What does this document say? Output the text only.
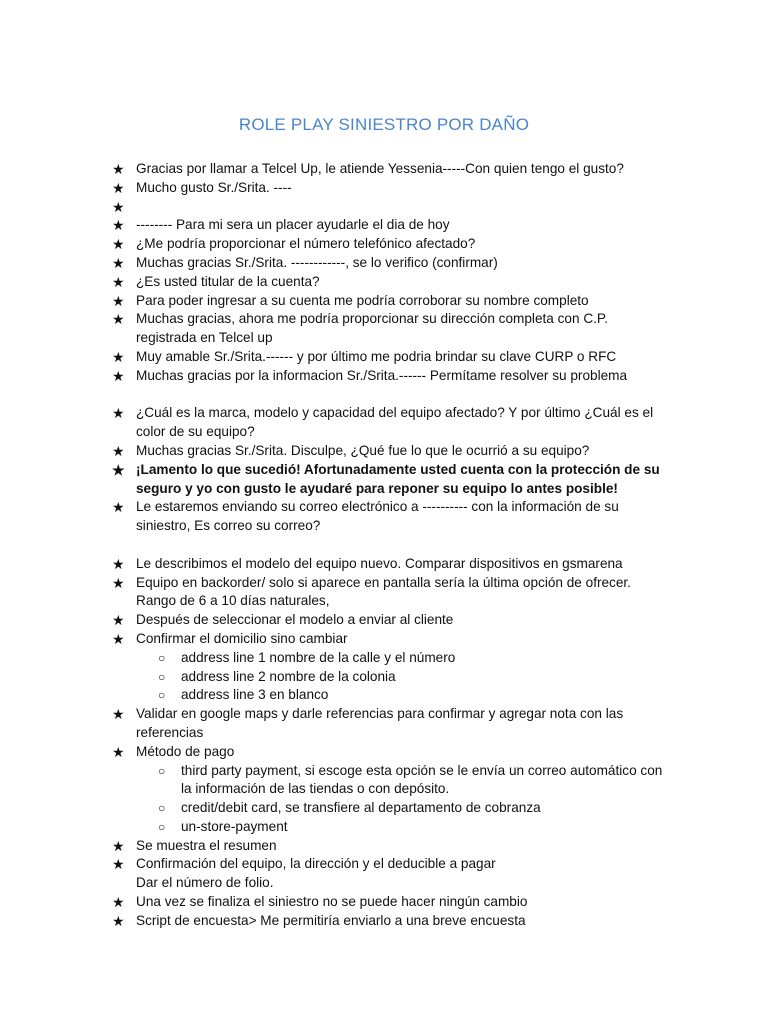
ROLE PLAY SINIESTRO POR DAÑO
★ Gracias por llamar a Telcel Up, le atiende Yessenia-----Con quien tengo el gusto?
★ Mucho gusto Sr./Srita. ----
★

★ -------- Para mi sera un placer ayudarle el dia de hoy
★ ¿Me podría proporcionar el número telefónico afectado?
★ Muchas gracias Sr./Srita. ------------, se lo verifico (confirmar)
★ ¿Es usted titular de la cuenta?
★ Para poder ingresar a su cuenta me podría corroborar su nombre completo
★ Muchas gracias, ahora me podría proporcionar su dirección completa con C.P. registrada en Telcel up
★ Muy amable Sr./Srita.------ y por último me podria brindar su clave CURP o RFC
★ Muchas gracias por la informacion Sr./Srita.------ Permítame resolver su problema
★ ¿Cuál es la marca, modelo y capacidad del equipo afectado? Y por último ¿Cuál es el color de su equipo?
★ Muchas gracias Sr./Srita. Disculpe, ¿Qué fue lo que le ocurrió a su equipo?
★ ¡Lamento lo que sucedió! Afortunadamente usted cuenta con la protección de su seguro y yo con gusto le ayudaré para reponer su equipo lo antes posible!
★ Le estaremos enviando su correo electrónico a ---------- con la información de su siniestro, Es correo su correo?
★ Le describimos el modelo del equipo nuevo. Comparar dispositivos en gsmarena
★ Equipo en backorder/ solo si aparece en pantalla sería la última opción de ofrecer. Rango de 6 a 10 días naturales,
★ Después de seleccionar el modelo a enviar al cliente
★ Confirmar el domicilio sino cambiar
○ address line 1 nombre de la calle y el número
○ address line 2 nombre de la colonia
○ address line 3 en blanco
★ Validar en google maps y darle referencias para confirmar y agregar nota con las referencias
★ Método de pago
○ third party payment, si escoge esta opción se le envía un correo automático con la información de las tiendas o con depósito.
○ credit/debit card, se transfiere al departamento de cobranza
○ un-store-payment
★ Se muestra el resumen
★ Confirmación del equipo, la dirección y el deducible a pagar
Dar el número de folio.
★ Una vez se finaliza el siniestro no se puede hacer ningún cambio
★ Script de encuesta> Me permitiría enviarlo a una breve encuesta
